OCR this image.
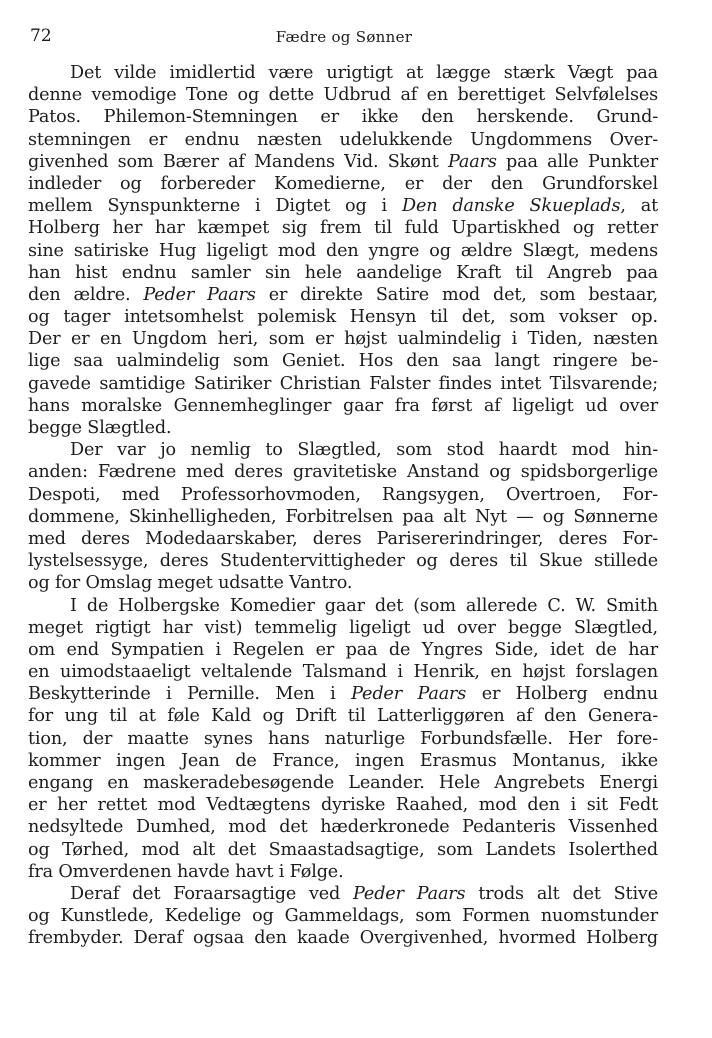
72	Fædre og Sønner
Det vilde imidlertid være urigtigt at lægge stærk Vægt paa
denne vemodige Tone og dette Udbrud af en berettiget Selvfølelses
Patos. Philemon-Stemningen er ikke den herskende. Grund-
stemningen er endnu næsten udelukkende Ungdommens Over-
givenhed som Bærer af Mandens Vid. Skønt Paars paa alle Punkter
indleder og forbereder Komedierne, er der den Grundforskel
mellem Synspunkterne i Digtet og i Den danske Skueplads, at
Holberg her har kæmpet sig frem til fuld Upartiskhed og retter
sine satiriske Hug ligeligt mod den yngre og ældre Slægt, medens
han hist endnu samler sin hele aandelige Kraft til Angreb paa
den ældre. Peder Paars er direkte Satire mod det, som bestaar,
og tager intetsomhelst polemisk Hensyn til det, som vokser op.
Der er en Ungdom heri, som er højst ualmindelig i Tiden, næsten
lige saa ualmindelig som Geniet. Hos den saa langt ringere be-
gavede samtidige Satiriker Christian Falster findes intet Tilsvarende;
hans moralske Gennemheglinger gaar fra først af ligeligt ud over
begge Slægtled.
Der var jo nemlig to Slægtled, som stod haardt mod hin-
anden: Fædrene med deres gravitetiske Anstand og spidsborgerlige
Despoti, med Professorhovmoden, Rangsygen, Overtroen, For-
dommene, Skinhelligheden, Forbitrelsen paa alt Nyt — og Sønnerne
med deres Modedaarskaber, deres Parisererindringer, deres For-
lystelsessyge, deres Studentervittigheder og deres til Skue stillede
og for Omslag meget udsatte Vantro.
I de Holbergske Komedier gaar det (som allerede C. W. Smith
meget rigtigt har vist) temmelig ligeligt ud over begge Slægtled,
om end Sympatien i Regelen er paa de Yngres Side, idet de har
en uimodstaaeligt veltalende Talsmand i Henrik, en højst forslagen
Beskytterinde i Pernille. Men i Peder Paars er Holberg endnu
for ung til at føle Kald og Drift til Latterliggøren af den Genera-
tion, der maatte synes hans naturlige Forbundsfælle. Her fore-
kommer ingen Jean de France, ingen Erasmus Montanus, ikke
engang en maskeradebesøgende Leander. Hele Angrebets Energi
er her rettet mod Vedtægtens dyriske Raahed, mod den i sit Fedt
nedsyltede Dumhed, mod det hæderkronede Pedanteris Vissenhed
og Tørhed, mod alt det Smaastadsagtige, som Landets Isolerthed
fra Omverdenen havde havt i Følge.
Deraf det Foraarsagtige ved Peder Paars trods alt det Stive
og Kunstlede, Kedelige og Gammeldags, som Formen nuomstunder
frembyder. Deraf ogsaa den kaade Overgivenhed, hvormed Holberg
